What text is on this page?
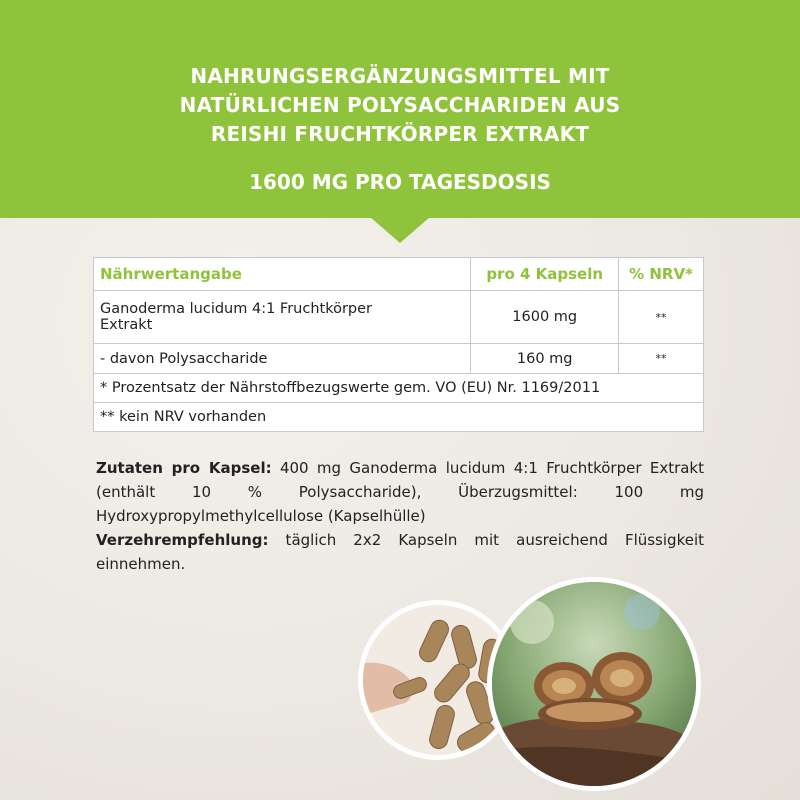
NAHRUNGSERGÄNZUNGSMITTEL MIT
NATÜRLICHEN POLYSACCHARIDEN AUS
REISHI FRUCHTKÖRPER EXTRAKT
1600 MG PRO TAGESDOSIS
Nährwertangabe	pro 4 Kapseln	% NRV*
Ganoderma lucidum 4:1 Fruchtkörper
Extrakt	1600 mg	**
- davon Polysaccharide	160 mg	**
* Prozentsatz der Nährstoffbezugswerte gem. VO (EU) Nr. 1169/2011		
** kein NRV vorhanden		
Zutaten pro Kapsel: 400 mg Ganoderma lucidum 4:1 Fruchtkörper Extrakt (enthält 10 % Polysaccharide), Überzugsmittel: 100 mg Hydroxypropylmethylcellulose (Kapselhülle)
Verzehrempfehlung: täglich 2x2 Kapseln mit ausreichend Flüssigkeit einnehmen.
